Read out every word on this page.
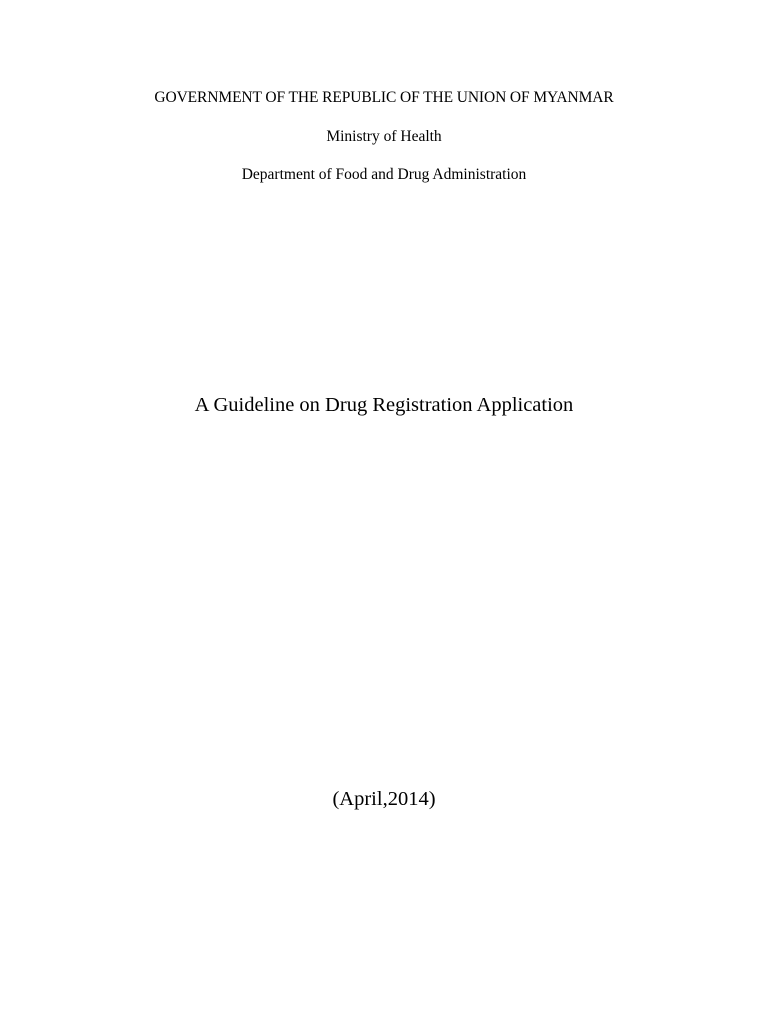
GOVERNMENT OF THE REPUBLIC OF THE UNION OF MYANMAR
Ministry of Health
Department of Food and Drug Administration
A Guideline on Drug Registration Application
(April,2014)
